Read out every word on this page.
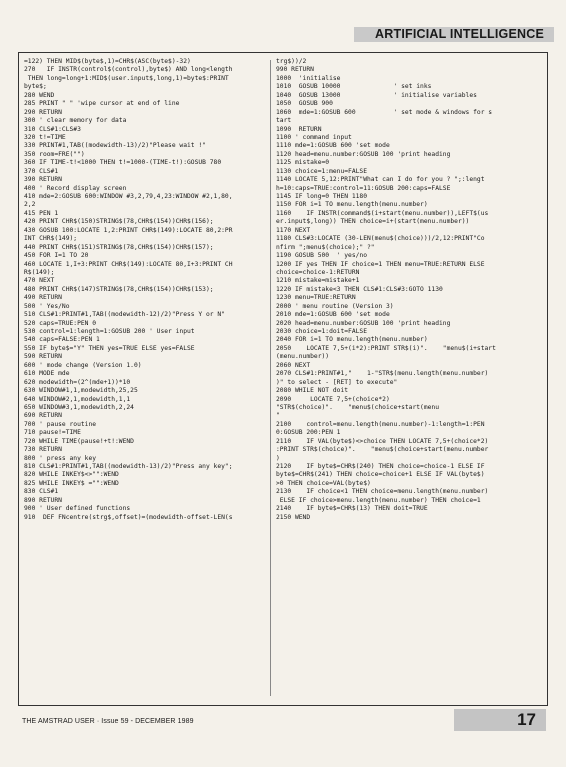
ARTIFICIAL INTELLIGENCE
=122) THEN MID$(byte$,1)=CHR$(ASC(byte$)-32)
270   IF INSTR(control$(control),byte$) AND long<length
THEN long=long+1:MID$(user.input$,long,1)=byte$:PRINT
byte$;
280 WEND
285 PRINT " " 'wipe cursor at end of line
290 RETURN
300 ' clear memory for data
310 CLS#1:CLS#3
320 t!=TIME
330 PRINT#1,TAB((modewidth-13)/2)"Please wait !"
350 room=FRE("")
360 IF TIME-t!<1000 THEN t!=1000-(TIME-t!):GOSUB 780
370 CLS#1
390 RETURN
400 ' Record display screen
410 mde=2:GOSUB 600:WINDOW #3,2,79,4,23:WINDOW #2,1,80,
2,2
415 PEN 1
420 PRINT CHR$(150)STRING$(78,CHR$(154))CHR$(156);
430 GOSUB 100:LOCATE 1,2:PRINT CHR$(149):LOCATE 80,2:PR
INT CHR$(149);
440 PRINT CHR$(151)STRING$(78,CHR$(154))CHR$(157);
450 FOR I=1 TO 20
460 LOCATE 1,I+3:PRINT CHR$(149):LOCATE 80,I+3:PRINT CH
R$(149);
470 NEXT
480 PRINT CHR$(147)STRING$(78,CHR$(154))CHR$(153);
490 RETURN
500 ' Yes/No
510 CLS#1:PRINT#1,TAB((modewidth-12)/2)"Press Y or N"
520 caps=TRUE:PEN 0
530 control=1:length=1:GOSUB 200 ' User input
540 caps=FALSE:PEN 1
550 IF byte$="Y" THEN yes=TRUE ELSE yes=FALSE
590 RETURN
600 ' mode change (Version 1.0)
610 MODE mde
620 modewidth=(2^(mde+1))*10
630 WINDOW#1,1,modewidth,25,25
640 WINDOW#2,1,modewidth,1,1
650 WINDOW#3,1,modewidth,2,24
690 RETURN
700 ' pause routine
710 pause!=TIME
720 WHILE TIME(pause!+t!:WEND
730 RETURN
800 ' press any key
810 CLS#1:PRINT#1,TAB((modewidth-13)/2)"Press any key";
820 WHILE INKEY$<>"":WEND
825 WHILE INKEY$ ="":WEND
830 CLS#1
890 RETURN
900 ' User defined functions
910  DEF FNcentre(strg$,offset)=(modewidth-offset-LEN(s
trg$))/2
990 RETURN
1000  'initialise
1010  GOSUB 10000              ' set inks
1040  GOSUB 13000              ' initialise variables
1050  GOSUB 900
1060  mde=1:GOSUB 600          ' set mode & windows for s
tart
1090  RETURN
1100 ' command input
1110 mde=1:GOSUB 600 'set mode
1120 head=menu.number:GOSUB 100 'print heading
1125 mistake=0
1130 choice=1:menu=FALSE
1140 LOCATE 5,12:PRINT"What can I do for you ? ";:lengt
h=10:caps=TRUE:control=11:GOSUB 200:caps=FALSE
1145 IF long=0 THEN 1180
1150 FOR i=1 TO menu.length(menu.number)
1160    IF INSTR(command$(i+start(menu.number)),LEFT$(us
er.input$,long)) THEN choice=i+(start(menu.number))
1170 NEXT
1180 CLS#3:LOCATE (30-LEN(menu$(choice)))/2,12:PRINT"Co
nfirm ";menu$(choice);" ?"
1190 GOSUB 500  ' yes/no
1200 IF yes THEN IF choice=1 THEN menu=TRUE:RETURN ELSE
choice=choice-1:RETURN
1210 mistake=mistake+1
1220 IF mistake<3 THEN CLS#1:CLS#3:GOTO 1130
1230 menu=TRUE:RETURN
2000 ' menu routine (Version 3)
2010 mde=1:GOSUB 600 'set mode
2020 head=menu.number:GOSUB 100 'print heading
2030 choice=1:doit=FALSE
2040 FOR i=1 TO menu.length(menu.number)
2050    LOCATE 7,5+(i*2):PRINT STR$(i)".    "menu$(i+start
(menu.number))
2060 NEXT
2070 CLS#1:PRINT#1,"    1-"STR$(menu.length(menu.number)
)" to select - [RET] to execute"
2080 WHILE NOT doit
2090     LOCATE 7,5+(choice*2)
"STR$(choice)".    "menu$(choice+start(menu
"
2100    control=menu.length(menu.number)-1:length=1:PEN
0:GOSUB 200:PEN 1
2110    IF VAL(byte$)<>choice THEN LOCATE 7,5+(choice*2)
:PRINT STR$(choice)".    "menu$(choice+start(menu.number
)
2120    IF byte$=CHR$(240) THEN choice=choice-1 ELSE IF
byte$=CHR$(241) THEN choice=choice+1 ELSE IF VAL(byte$)
>0 THEN choice=VAL(byte$)
2130    IF choice<1 THEN choice=menu.length(menu.number)
ELSE IF choice>menu.length(menu.number) THEN choice=1
2140    IF byte$=CHR$(13) THEN doit=TRUE
2150 WEND
THE AMSTRAD USER · Issue 59 - DECEMBER 1989	17
